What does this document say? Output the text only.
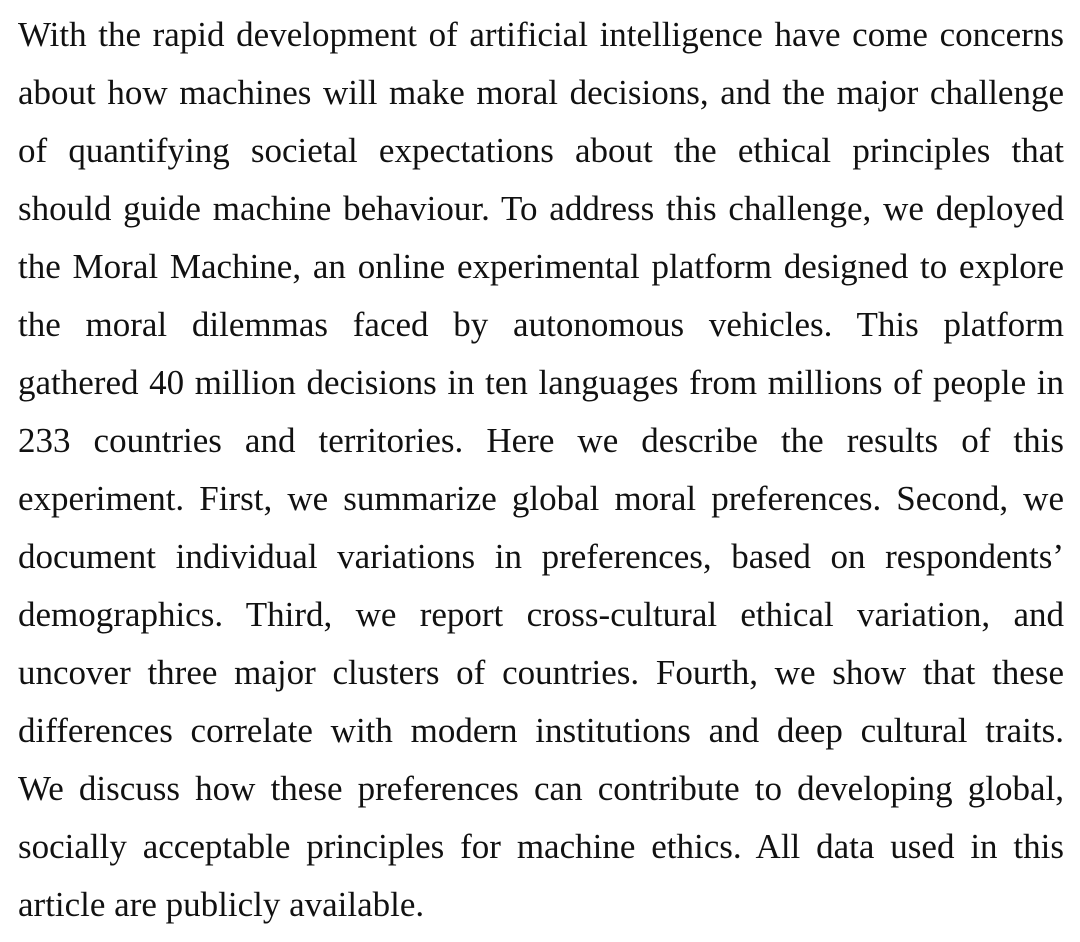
With the rapid development of artificial intelligence have come concerns
about how machines will make moral decisions, and the major challenge
of quantifying societal expectations about the ethical principles that
should guide machine behaviour. To address this challenge, we deployed
the Moral Machine, an online experimental platform designed to explore
the moral dilemmas faced by autonomous vehicles. This platform
gathered 40 million decisions in ten languages from millions of people in
233 countries and territories. Here we describe the results of this
experiment. First, we summarize global moral preferences. Second, we
document individual variations in preferences, based on respondents’
demographics. Third, we report cross-cultural ethical variation, and
uncover three major clusters of countries. Fourth, we show that these
differences correlate with modern institutions and deep cultural traits.
We discuss how these preferences can contribute to developing global,
socially acceptable principles for machine ethics. All data used in this
article are publicly available.
